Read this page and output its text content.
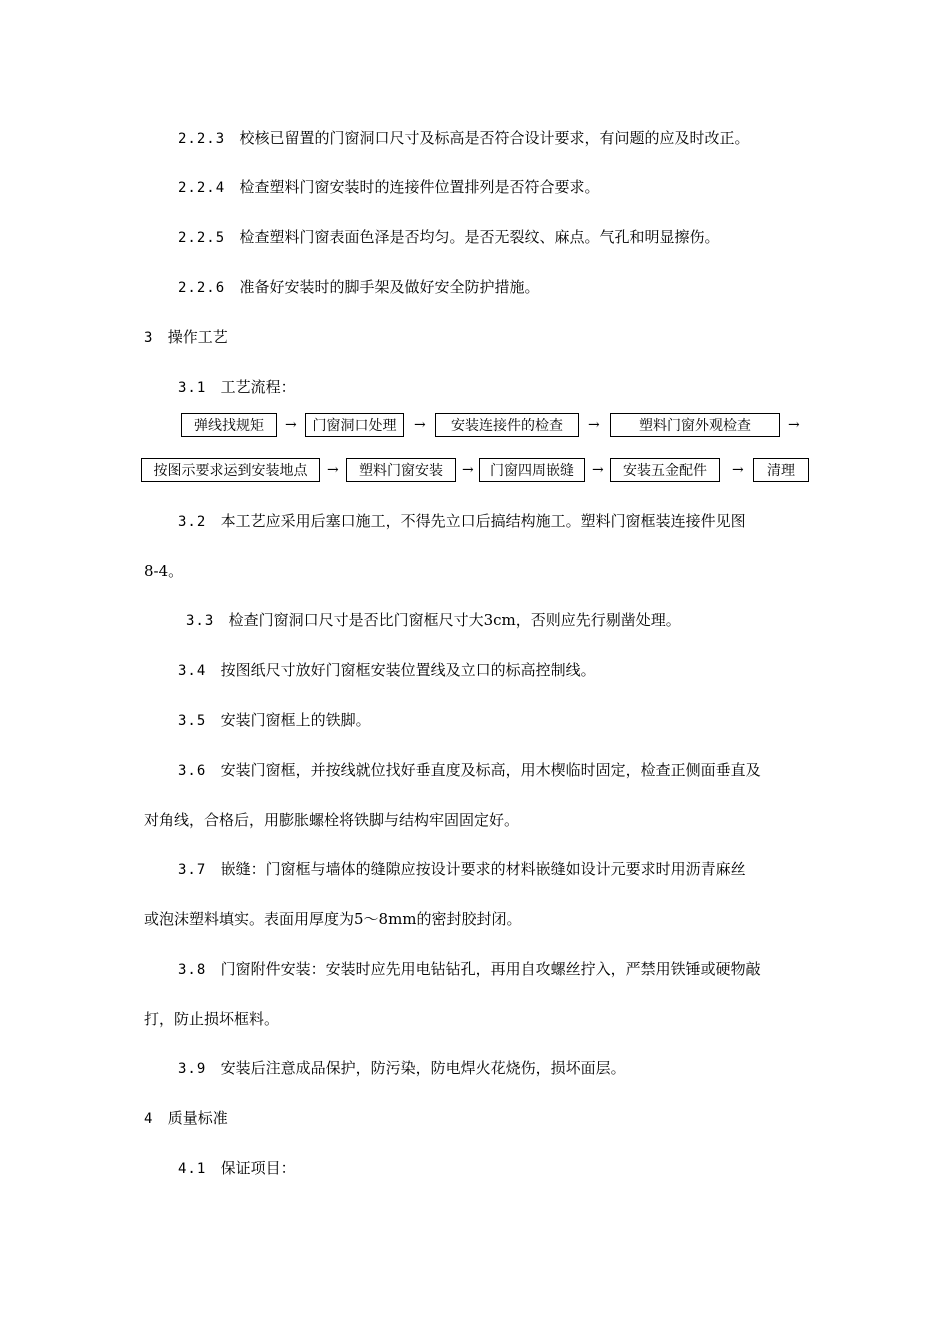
2.2.3 校核已留置的门窗洞口尺寸及标高是否符合设计要求，有问题的应及时改正。
2.2.4 检查塑料门窗安装时的连接件位置排列是否符合要求。
2.2.5 检查塑料门窗表面色泽是否均匀。是否无裂纹、麻点。气孔和明显擦伤。
2.2.6 准备好安装时的脚手架及做好安全防护措施。
3 操作工艺
3.1 工艺流程：
弹线找规矩	→	门窗洞口处理	→	安装连接件的检查	→	塑料门窗外观检查	→
按图示要求运到安装地点	→	塑料门窗安装	→	门窗四周嵌缝	→	安装五金配件	→	清理
3.2 本工艺应采用后塞口施工，不得先立口后搞结构施工。塑料门窗框装连接件见图
8-4。
3.3 检查门窗洞口尺寸是否比门窗框尺寸大3cm，否则应先行剔凿处理。
3.4 按图纸尺寸放好门窗框安装位置线及立口的标高控制线。
3.5 安装门窗框上的铁脚。
3.6 安装门窗框，并按线就位找好垂直度及标高，用木楔临时固定，检查正侧面垂直及
对角线，合格后，用膨胀螺栓将铁脚与结构牢固固定好。
3.7 嵌缝：门窗框与墙体的缝隙应按设计要求的材料嵌缝如设计元要求时用沥青麻丝
或泡沫塑料填实。表面用厚度为5～8mm的密封胶封闭。
3.8 门窗附件安装：安装时应先用电钻钻孔，再用自攻螺丝拧入，严禁用铁锤或硬物敲
打，防止损坏框料。
3.9 安装后注意成品保护，防污染，防电焊火花烧伤，损坏面层。
4 质量标准
4.1 保证项目：
